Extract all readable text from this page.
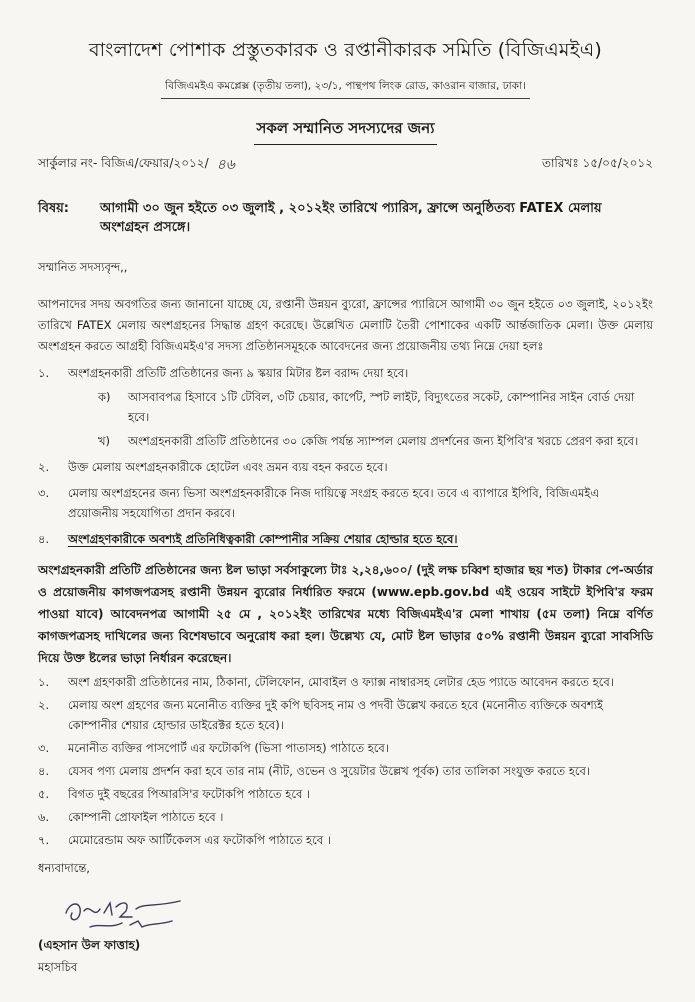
বাংলাদেশ পোশাক প্রস্তুতকারক ও রপ্তানীকারক সমিতি (বিজিএমইএ)
বিজিএমইএ কমপ্লেক্স (তৃতীয় তলা), ২৩/১, পান্থপথ লিংক রোড, কাওরান বাজার, ঢাকা।
সকল সম্মানিত সদস্যদের জন্য
সার্কুলার নং- বিজিএ/ফেয়ার/২০১২/ ৪৬	তারিখঃ ১৫/০৫/২০১২
বিষয়:	আগামী ৩০ জুন হইতে ০৩ জুলাই , ২০১২ইং তারিখে প্যারিস, ফ্রান্সে অনুষ্ঠিতব্য FATEX মেলায় অংশগ্রহন প্রসঙ্গে।
সম্মানিত সদস্যবৃন্দ,,
আপনাদের সদয় অবগতির জন্য জানানো যাচ্ছে যে, রপ্তানী উন্নয়ন ব্যুরো, ফ্রান্সের প্যারিসে আগামী ৩০ জুন হইতে ০৩ জুলাই, ২০১২ইং তারিখে FATEX মেলায় অংশগ্রহনের সিদ্ধান্ত গ্রহণ করেছে। উল্লেখিত মেলাটি তৈরী পোশাকের একটি আর্ন্তজাতিক মেলা। উক্ত মেলায় অংশগ্রহন করতে আগ্রহী বিজিএমইএ'র সদস্য প্রতিষ্ঠানসমূহকে আবেদনের জন্য প্রয়োজনীয় তথ্য নিম্নে দেয়া হলঃ
১.	অংশগ্রহনকারী প্রতিটি প্রতিষ্ঠানের জন্য ৯ স্কয়ার মিটার ষ্টল বরাদ্দ দেয়া হবে।
ক)	আসবাবপত্র হিসাবে ১টি টেবিল, ৩টি চেয়ার, কার্পেট, স্পট লাইট, বিদ্যুৎতের সকেট, কোম্পানির সাইন বোর্ড দেয়া হবে।
খ)	অংশগ্রহনকারী প্রতিটি প্রতিষ্ঠানের ৩০ কেজি পর্যন্ত স্যাম্পল মেলায় প্রদর্শনের জন্য ইপিবি'র খরচে প্রেরণ করা হবে।
২.	উক্ত মেলায় অংশগ্রহনকারীকে হোটেল এবং ভ্রমন ব্যয় বহন করতে হবে।
৩.	মেলায় অংশগ্রহনের জন্য ভিসা অংশগ্রহনকারীকে নিজ দায়িত্বে সংগ্রহ করতে হবে। তবে এ ব্যাপারে ইপিবি, বিজিএমইএ প্রয়োজনীয় সহযোগিতা প্রদান করবে।
৪.	অংশগ্রহণকারীকে অবশ্যই প্রতিনিধিত্বকারী কোম্পানীর সক্রিয় শেয়ার হোল্ডার হতে হবে।
অংশগ্রহনকারী প্রতিটি প্রতিষ্ঠানের জন্য ষ্টল ভাড়া সর্বসাকুল্যে টাঃ ২,২৪,৬০০/ (দুই লক্ষ চব্বিশ হাজার ছয় শত) টাকার পে-অর্ডার ও প্রয়োজনীয় কাগজপত্রসহ রপ্তানী উন্নয়ন ব্যুরোর নির্ধারিত ফরমে (www.epb.gov.bd এই ওয়েব সাইটে ইপিবি'র ফরম পাওয়া যাবে) আবেদনপত্র আগামী ২৫ মে , ২০১২ইং তারিখের মধ্যে বিজিএমইএ'র মেলা শাখায় (৫ম তলা) নিম্নে বর্ণিত কাগজপত্রসহ দাখিলের জন্য বিশেষভাবে অনুরোধ করা হল। উল্লেখ্য যে, মোট ষ্টল ভাড়ার ৫০% রপ্তানী উন্নয়ন ব্যুরো সাবসিডি দিয়ে উক্ত ষ্টলের ভাড়া নির্ধারন করেছেন।
১.	অংশ গ্রহণকারী প্রতিষ্ঠানের নাম, ঠিকানা, টেলিফোন, মোবাইল ও ফ্যাক্স নাম্বারসহ লেটার হেড প্যাডে আবেদন করতে হবে।
২.	মেলায় অংশ গ্রহণের জন্য মনোনীত ব্যক্তির দুই কপি ছবিসহ নাম ও পদবী উল্লেখ করতে হবে (মনোনীত ব্যক্তিকে অবশ্যই কোম্পানীর শেয়ার হোল্ডার ডাইরেক্টর হতে হবে)।
৩.	মনোনীত ব্যক্তির পাসপোর্ট এর ফটোকপি (ভিসা পাতাসহ) পাঠাতে হবে।
৪.	যেসব পণ্য মেলায় প্রদর্শন করা হবে তার নাম (নীট, ওভেন ও সুয়েটার উল্লেখ পূর্বক) তার তালিকা সংযুক্ত করতে হবে।
৫.	বিগত দুই বছরের পিআরসি'র ফটোকপি পাঠাতে হবে ।
৬.	কোম্পানী প্রোফাইল পাঠাতে হবে ।
৭.	মেমোরেন্ডাম অফ আর্টিকেলস এর ফটোকপি পাঠাতে হবে ।
ধন্যবাদান্তে,
(এহসান উল ফাত্তাহ)
মহাসচিব
